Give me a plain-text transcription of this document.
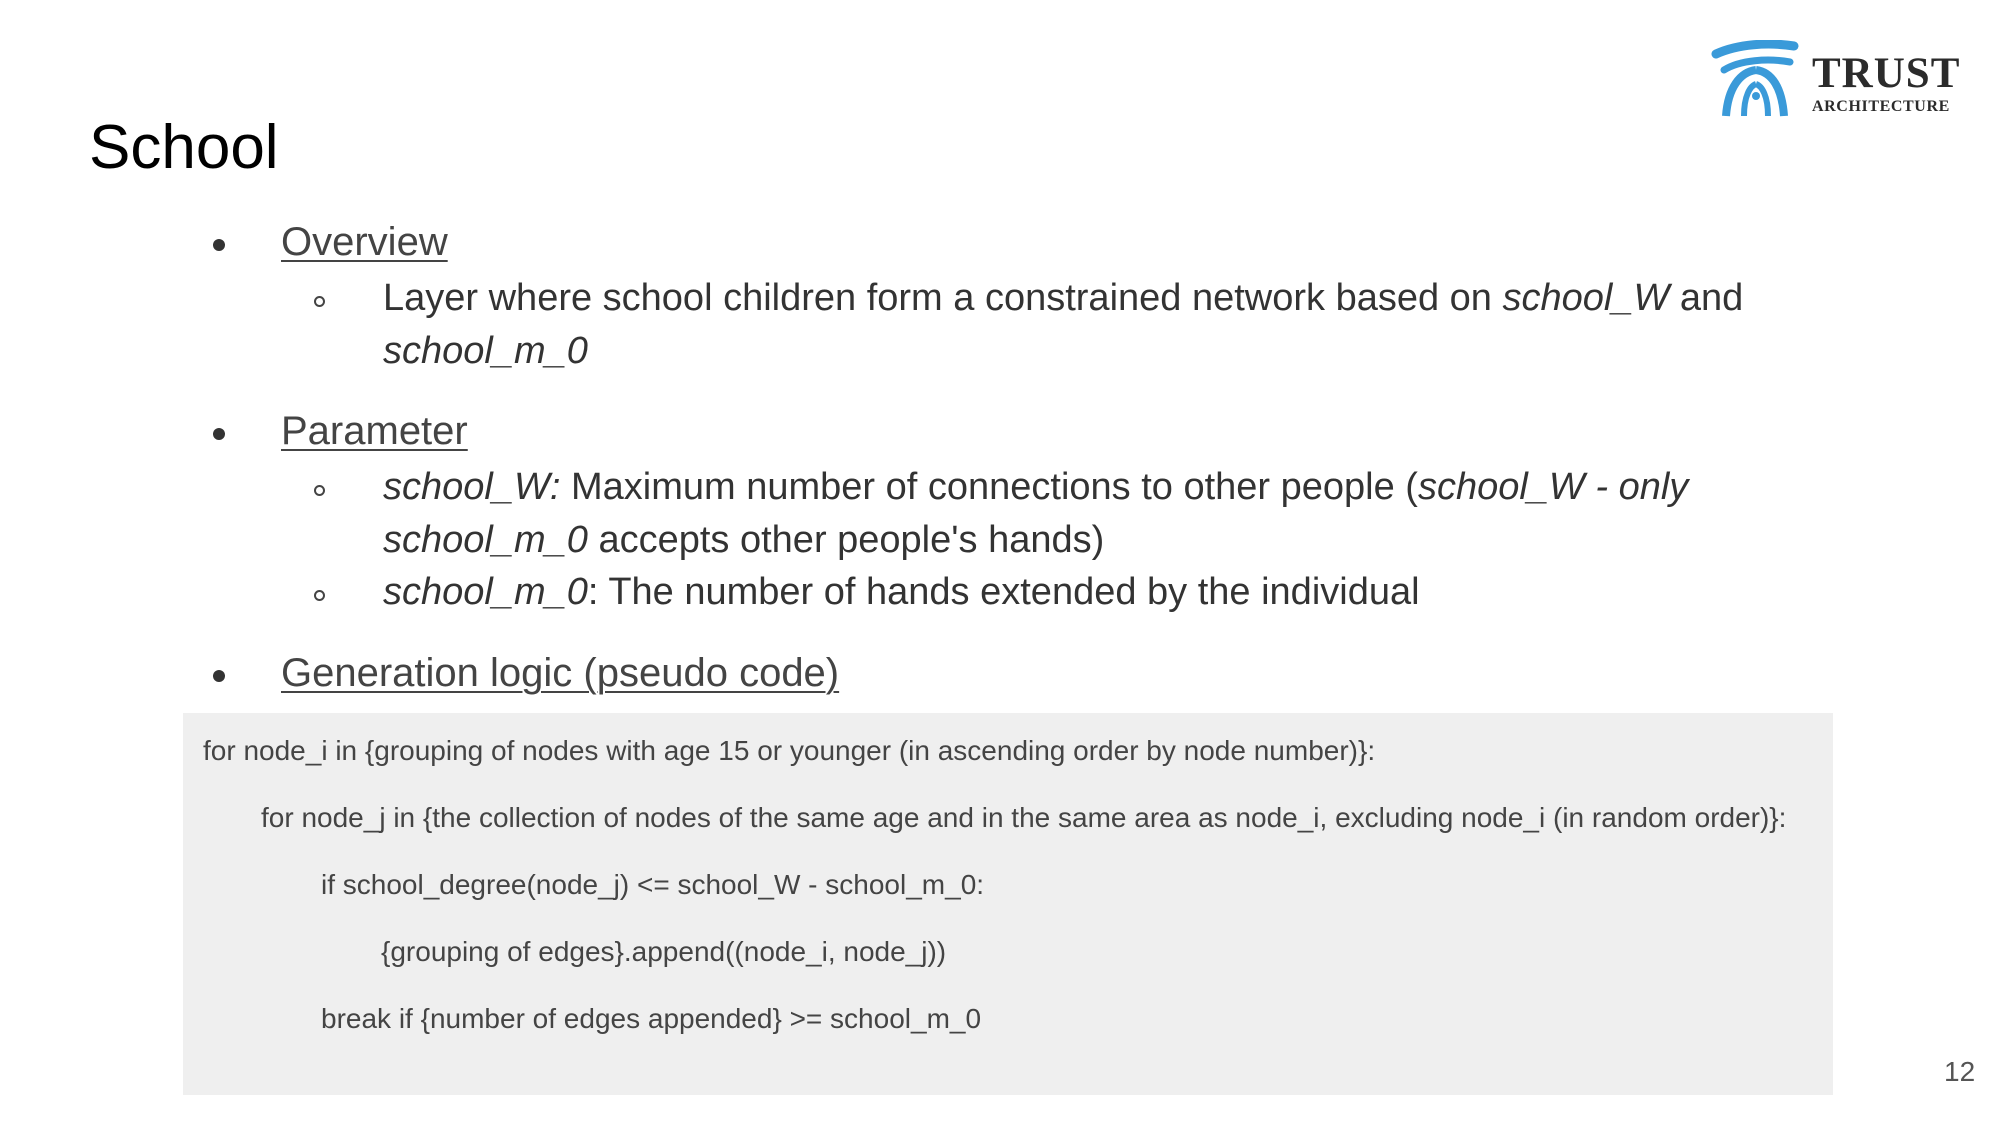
TRUST
ARCHITECTURE
School
Overview
Layer where school children form a constrained network based on school_W and
school_m_0
Parameter
school_W: Maximum number of connections to other people (school_W - only
school_m_0 accepts other people's hands)
school_m_0: The number of hands extended by the individual
Generation logic (pseudo code)
for node_i in {grouping of nodes with age 15 or younger (in ascending order by node number)}:
for node_j in {the collection of nodes of the same age and in the same area as node_i, excluding node_i (in random order)}:
if school_degree(node_j) <= school_W - school_m_0:
{grouping of edges}.append((node_i, node_j))
break if {number of edges appended} >= school_m_0
12
